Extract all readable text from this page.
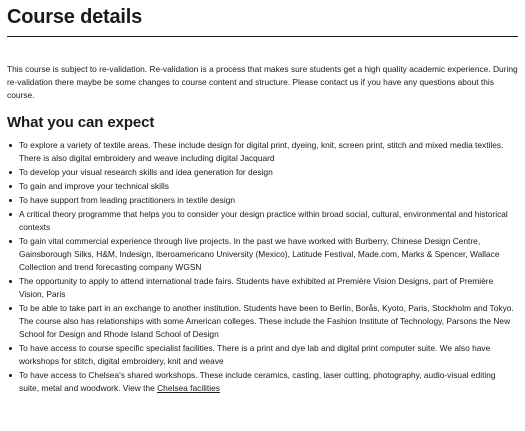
Course details

This course is subject to re-validation. Re-validation is a process that makes sure students get a high quality academic experience. During re-validation there maybe be some changes to course content and structure. Please contact us if you have any questions about this course.

What you can expect
To explore a variety of textile areas. These include design for digital print, dyeing, knit, screen print, stitch and mixed media textiles. There is also digital embroidery and weave including digital Jacquard
To develop your visual research skills and idea generation for design
To gain and improve your technical skills
To have support from leading practitioners in textile design
A critical theory programme that helps you to consider your design practice within broad social, cultural, environmental and historical contexts
To gain vital commercial experience through live projects. In the past we have worked with Burberry, Chinese Design Centre, Gainsborough Silks, H&M, Indesign, Iberoamericano University (Mexico), Latitude Festival, Made.com, Marks & Spencer, Wallace Collection and trend forecasting company WGSN
The opportunity to apply to attend international trade fairs. Students have exhibited at Première Vision Designs, part of Première Vision, Paris
To be able to take part in an exchange to another institution. Students have been to Berlin, Borås, Kyoto, Paris, Stockholm and Tokyo. The course also has relationships with some American colleges. These include the Fashion Institute of Technology, Parsons the New School for Design and Rhode Island School of Design
To have access to course specific specialist facilities. There is a print and dye lab and digital print computer suite. We also have workshops for stitch, digital embroidery, knit and weave
To have access to Chelsea's shared workshops. These include ceramics, casting, laser cutting, photography, audio-visual editing suite, metal and woodwork. View the Chelsea facilities
